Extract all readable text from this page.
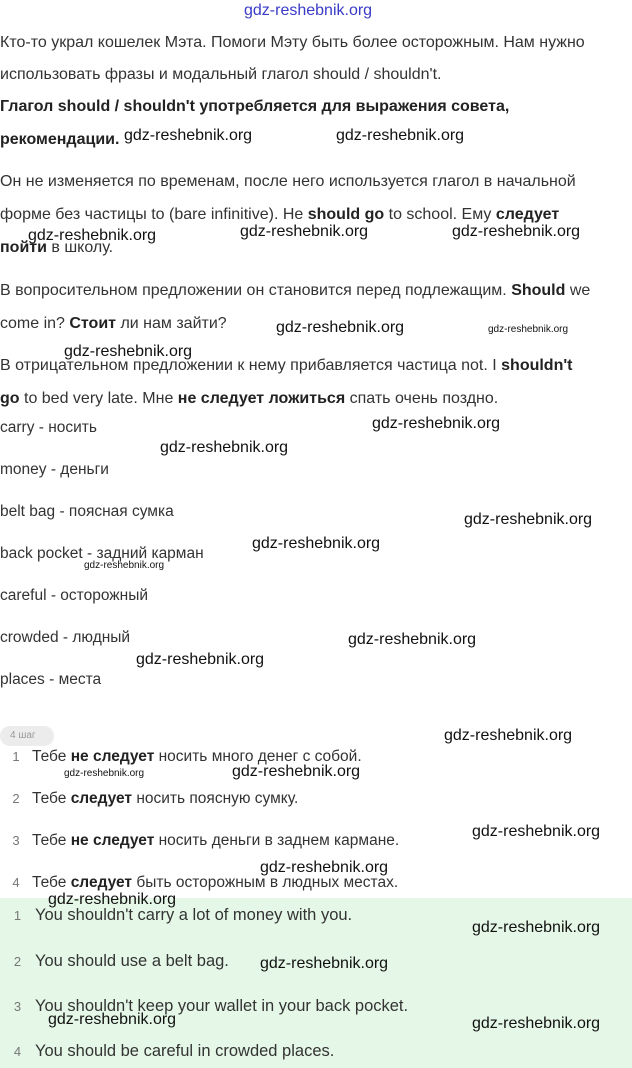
Кто-то украл кошелек Мэта. Помоги Мэту быть более осторожным. Нам нужно

использовать фразы и модальный глагол should / shouldn't.

Глагол should / shouldn't употребляется для выражения совета,

рекомендации.

Он не изменяется по временам, после него используется глагол в начальной

форме без частицы to (bare infinitive). Не should go to school. Ему следует

пойти в школу.

В вопросительном предложении он становится перед подлежащим. Should we

come in? Стоит ли нам зайти?

В отрицательном предложении к нему прибавляется частица not. I shouldn't

go to bed very late. Мне не следует ложиться спать очень поздно.

carry - носить
money - деньги
belt bag - поясная сумка
back pocket - задний карман
careful - осторожный
crowded - людный
places - места
4 шаг
1 Тебе не следует носить много денег с собой.
2 Тебе следует носить поясную сумку.
3 Тебе не следует носить деньги в заднем кармане.
4 Тебе следует быть осторожным в людных местах.
1 You shouldn't carry a lot of money with you.
2 You should use a belt bag.
3 You shouldn't keep your wallet in your back pocket.
4 You should be careful in crowded places.
gdz-reshebnik.org
gdz-reshebnik.org	gdz-reshebnik.org
gdz-reshebnik.org	gdz-reshebnik.org	gdz-reshebnik.org
gdz-reshebnik.org	gdz-reshebnik.org
gdz-reshebnik.org
gdz-reshebnik.org
gdz-reshebnik.org
gdz-reshebnik.org
gdz-reshebnik.org
gdz-reshebnik.org
gdz-reshebnik.org
gdz-reshebnik.org
gdz-reshebnik.org
gdz-reshebnik.org	gdz-reshebnik.org
gdz-reshebnik.org
gdz-reshebnik.org
gdz-reshebnik.org
gdz-reshebnik.org
gdz-reshebnik.org
gdz-reshebnik.org	gdz-reshebnik.org
